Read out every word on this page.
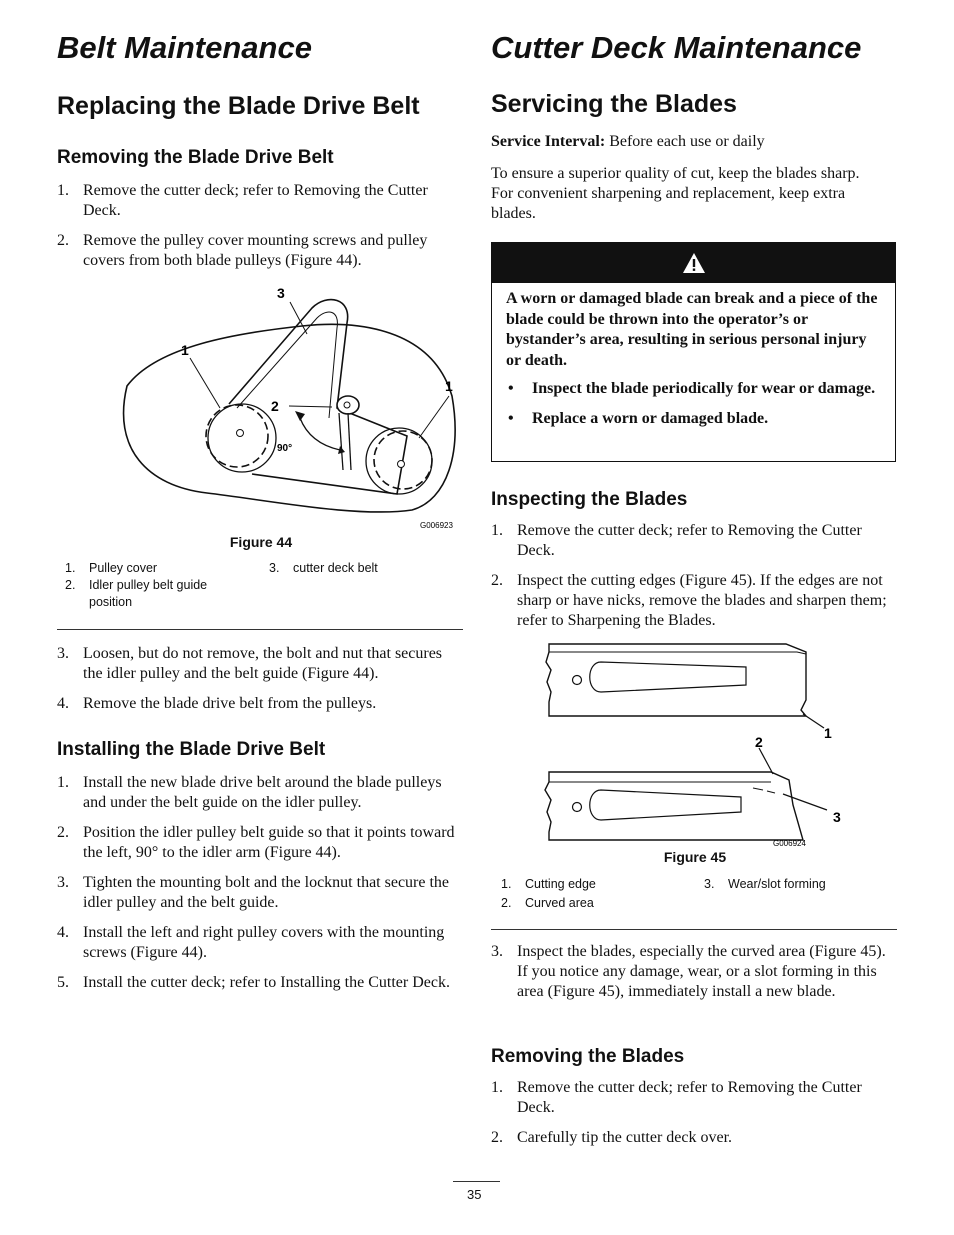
Belt Maintenance
Replacing the Blade Drive Belt
Removing the Blade Drive Belt
1. Remove the cutter deck; refer to Removing the Cutter Deck.
2. Remove the pulley cover mounting screws and pulley covers from both blade pulleys (Figure 44).
3
1
1
2
90°
G006923
Figure 44
1. Pulley cover
2.	Idler pulley belt guide position
3. cutter deck belt
3. Loosen, but do not remove, the bolt and nut that secures the idler pulley and the belt guide (Figure 44).
4. Remove the blade drive belt from the pulleys.
Installing the Blade Drive Belt
1. Install the new blade drive belt around the blade pulleys and under the belt guide on the idler pulley.
2. Position the idler pulley belt guide so that it points toward the left, 90° to the idler arm (Figure 44).
3. Tighten the mounting bolt and the locknut that secure the idler pulley and the belt guide.
4. Install the left and right pulley covers with the mounting screws (Figure 44).
5. Install the cutter deck; refer to Installing the Cutter Deck.
Cutter Deck Maintenance
Servicing the Blades
Service Interval: Before each use or daily
To ensure a superior quality of cut, keep the blades sharp. For convenient sharpening and replacement, keep extra blades.
A worn or damaged blade can break and a piece of the blade could be thrown into the operator’s or bystander’s area, resulting in serious personal injury or death.
• Inspect the blade periodically for wear or damage.
• Replace a worn or damaged blade.
Inspecting the Blades
1. Remove the cutter deck; refer to Removing the Cutter Deck.
2. Inspect the cutting edges (Figure 45). If the edges are not sharp or have nicks, remove the blades and sharpen them; refer to Sharpening the Blades.
1
2
3
G006924
Figure 45
1. Cutting edge
2. Curved area
3. Wear/slot forming
3. Inspect the blades, especially the curved area (Figure 45). If you notice any damage, wear, or a slot forming in this area (Figure 45), immediately install a new blade.
Removing the Blades
1. Remove the cutter deck; refer to Removing the Cutter Deck.
2. Carefully tip the cutter deck over.
35
